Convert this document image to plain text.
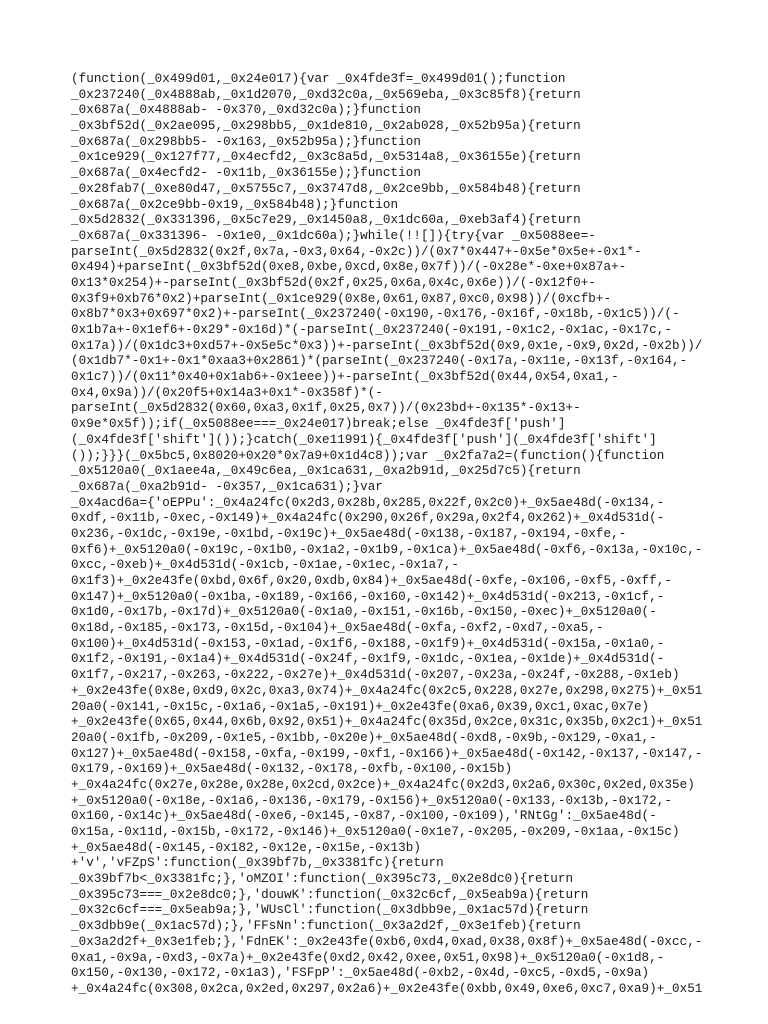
(function(_0x499d01,_0x24e017){var _0x4fde3f=_0x499d01();function
_0x237240(_0x4888ab,_0x1d2070,_0xd32c0a,_0x569eba,_0x3c85f8){return
_0x687a(_0x4888ab- -0x370,_0xd32c0a);}function
_0x3bf52d(_0x2ae095,_0x298bb5,_0x1de810,_0x2ab028,_0x52b95a){return
_0x687a(_0x298bb5- -0x163,_0x52b95a);}function
_0x1ce929(_0x127f77,_0x4ecfd2,_0x3c8a5d,_0x5314a8,_0x36155e){return
_0x687a(_0x4ecfd2- -0x11b,_0x36155e);}function
_0x28fab7(_0xe80d47,_0x5755c7,_0x3747d8,_0x2ce9bb,_0x584b48){return
_0x687a(_0x2ce9bb-0x19,_0x584b48);}function
_0x5d2832(_0x331396,_0x5c7e29,_0x1450a8,_0x1dc60a,_0xeb3af4){return
_0x687a(_0x331396- -0x1e0,_0x1dc60a);}while(!![]){try{var _0x5088ee=-
parseInt(_0x5d2832(0x2f,0x7a,-0x3,0x64,-0x2c))/(0x7*0x447+-0x5e*0x5e+-0x1*-
0x494)+parseInt(_0x3bf52d(0xe8,0xbe,0xcd,0x8e,0x7f))/(-0x28e*-0xe+0x87a+-
0x13*0x254)+-parseInt(_0x3bf52d(0x2f,0x25,0x6a,0x4c,0x6e))/(-0x12f0+-
0x3f9+0xb76*0x2)+parseInt(_0x1ce929(0x8e,0x61,0x87,0xc0,0x98))/(0xcfb+-
0x8b7*0x3+0x697*0x2)+-parseInt(_0x237240(-0x190,-0x176,-0x16f,-0x18b,-0x1c5))/(-
0x1b7a+-0x1ef6+-0x29*-0x16d)*(-parseInt(_0x237240(-0x191,-0x1c2,-0x1ac,-0x17c,-
0x17a))/(0x1dc3+0xd57+-0x5e5c*0x3))+-parseInt(_0x3bf52d(0x9,0x1e,-0x9,0x2d,-0x2b))/
(0x1db7*-0x1+-0x1*0xaa3+0x2861)*(parseInt(_0x237240(-0x17a,-0x11e,-0x13f,-0x164,-
0x1c7))/(0x11*0x40+0x1ab6+-0x1eee))+-parseInt(_0x3bf52d(0x44,0x54,0xa1,-
0x4,0x9a))/(0x20f5+0x14a3+0x1*-0x358f)*(-
parseInt(_0x5d2832(0x60,0xa3,0x1f,0x25,0x7))/(0x23bd+-0x135*-0x13+-
0x9e*0x5f));if(_0x5088ee===_0x24e017)break;else _0x4fde3f['push']
(_0x4fde3f['shift']());}catch(_0xe11991){_0x4fde3f['push'](_0x4fde3f['shift']
());}}}(_0x5bc5,0x8020+0x20*0x7a9+0x1d4c8));var _0x2fa7a2=(function(){function
_0x5120a0(_0x1aee4a,_0x49c6ea,_0x1ca631,_0xa2b91d,_0x25d7c5){return
_0x687a(_0xa2b91d- -0x357,_0x1ca631);}var
_0x4acd6a={'oEPPu':_0x4a24fc(0x2d3,0x28b,0x285,0x22f,0x2c0)+_0x5ae48d(-0x134,-
0xdf,-0x11b,-0xec,-0x149)+_0x4a24fc(0x290,0x26f,0x29a,0x2f4,0x262)+_0x4d531d(-
0x236,-0x1dc,-0x19e,-0x1bd,-0x19c)+_0x5ae48d(-0x138,-0x187,-0x194,-0xfe,-
0xf6)+_0x5120a0(-0x19c,-0x1b0,-0x1a2,-0x1b9,-0x1ca)+_0x5ae48d(-0xf6,-0x13a,-0x10c,-
0xcc,-0xeb)+_0x4d531d(-0x1cb,-0x1ae,-0x1ec,-0x1a7,-
0x1f3)+_0x2e43fe(0xbd,0x6f,0x20,0xdb,0x84)+_0x5ae48d(-0xfe,-0x106,-0xf5,-0xff,-
0x147)+_0x5120a0(-0x1ba,-0x189,-0x166,-0x160,-0x142)+_0x4d531d(-0x213,-0x1cf,-
0x1d0,-0x17b,-0x17d)+_0x5120a0(-0x1a0,-0x151,-0x16b,-0x150,-0xec)+_0x5120a0(-
0x18d,-0x185,-0x173,-0x15d,-0x104)+_0x5ae48d(-0xfa,-0xf2,-0xd7,-0xa5,-
0x100)+_0x4d531d(-0x153,-0x1ad,-0x1f6,-0x188,-0x1f9)+_0x4d531d(-0x15a,-0x1a0,-
0x1f2,-0x191,-0x1a4)+_0x4d531d(-0x24f,-0x1f9,-0x1dc,-0x1ea,-0x1de)+_0x4d531d(-
0x1f7,-0x217,-0x263,-0x222,-0x27e)+_0x4d531d(-0x207,-0x23a,-0x24f,-0x288,-0x1eb)
+_0x2e43fe(0x8e,0xd9,0x2c,0xa3,0x74)+_0x4a24fc(0x2c5,0x228,0x27e,0x298,0x275)+_0x51
20a0(-0x141,-0x15c,-0x1a6,-0x1a5,-0x191)+_0x2e43fe(0xa6,0x39,0xc1,0xac,0x7e)
+_0x2e43fe(0x65,0x44,0x6b,0x92,0x51)+_0x4a24fc(0x35d,0x2ce,0x31c,0x35b,0x2c1)+_0x51
20a0(-0x1fb,-0x209,-0x1e5,-0x1bb,-0x20e)+_0x5ae48d(-0xd8,-0x9b,-0x129,-0xa1,-
0x127)+_0x5ae48d(-0x158,-0xfa,-0x199,-0xf1,-0x166)+_0x5ae48d(-0x142,-0x137,-0x147,-
0x179,-0x169)+_0x5ae48d(-0x132,-0x178,-0xfb,-0x100,-0x15b)
+_0x4a24fc(0x27e,0x28e,0x28e,0x2cd,0x2ce)+_0x4a24fc(0x2d3,0x2a6,0x30c,0x2ed,0x35e)
+_0x5120a0(-0x18e,-0x1a6,-0x136,-0x179,-0x156)+_0x5120a0(-0x133,-0x13b,-0x172,-
0x160,-0x14c)+_0x5ae48d(-0xe6,-0x145,-0x87,-0x100,-0x109),'RNtGg':_0x5ae48d(-
0x15a,-0x11d,-0x15b,-0x172,-0x146)+_0x5120a0(-0x1e7,-0x205,-0x209,-0x1aa,-0x15c)
+_0x5ae48d(-0x145,-0x182,-0x12e,-0x15e,-0x13b)
+'v','vFZpS':function(_0x39bf7b,_0x3381fc){return
_0x39bf7b<_0x3381fc;},'oMZOI':function(_0x395c73,_0x2e8dc0){return
_0x395c73===_0x2e8dc0;},'douwK':function(_0x32c6cf,_0x5eab9a){return
_0x32c6cf===_0x5eab9a;},'WUsCl':function(_0x3dbb9e,_0x1ac57d){return
_0x3dbb9e(_0x1ac57d);},'FFsNn':function(_0x3a2d2f,_0x3e1feb){return
_0x3a2d2f+_0x3e1feb;},'FdnEK':_0x2e43fe(0xb6,0xd4,0xad,0x38,0x8f)+_0x5ae48d(-0xcc,-
0xa1,-0x9a,-0xd3,-0x7a)+_0x2e43fe(0xd2,0x42,0xee,0x51,0x98)+_0x5120a0(-0x1d8,-
0x150,-0x130,-0x172,-0x1a3),'FSFpP':_0x5ae48d(-0xb2,-0x4d,-0xc5,-0xd5,-0x9a)
+_0x4a24fc(0x308,0x2ca,0x2ed,0x297,0x2a6)+_0x2e43fe(0xbb,0x49,0xe6,0xc7,0xa9)+_0x51
